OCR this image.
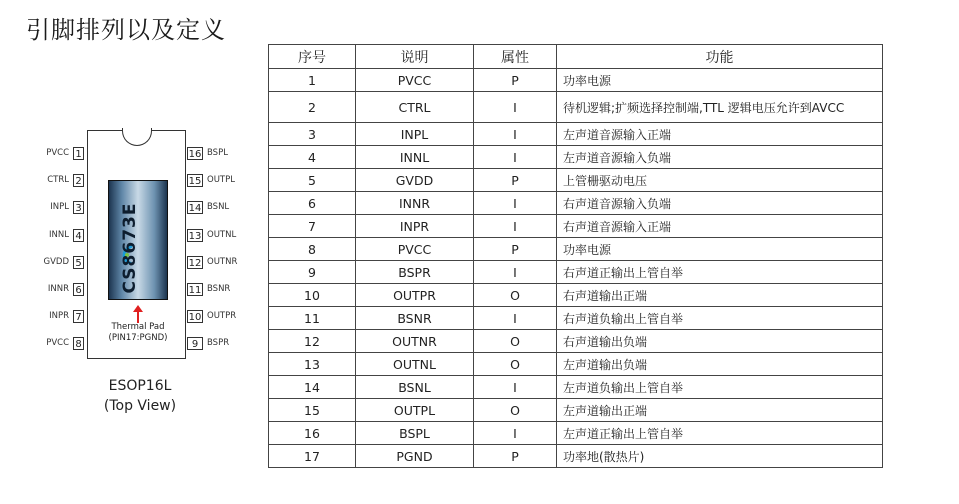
引脚排列以及定义
CS8673E
1
PVCC
2
CTRL
3
INPL
4
INNL
5
GVDD
6
INNR
7
INPR
8
PVCC
16 BSPL
15 OUTPL
14 BSNL
13 OUTNL
12 OUTNR
11 BSNR
10 OUTPR
9	BSPR
Thermal Pad
(PIN17:PGND)
ESOP16L
(Top View)
序号	说明	属性	功能
1	PVCC	P	功率电源
2	CTRL	I	待机逻辑;扩频选择控制端,TTL 逻辑电压允许到AVCC
3	INPL	I	左声道音源输入正端
4	INNL	I	左声道音源输入负端
5	GVDD	P	上管栅驱动电压
6	INNR	I	右声道音源输入负端
7	INPR	I	右声道音源输入正端
8	PVCC	P	功率电源
9	BSPR	I	右声道正输出上管自举
10	OUTPR	O	右声道输出正端
11	BSNR	I	右声道负输出上管自举
12	OUTNR	O	右声道输出负端
13	OUTNL	O	左声道输出负端
14	BSNL	I	左声道负输出上管自举
15	OUTPL	O	左声道输出正端
16	BSPL	I	左声道正输出上管自举
17	PGND	P	功率地(散热片)
